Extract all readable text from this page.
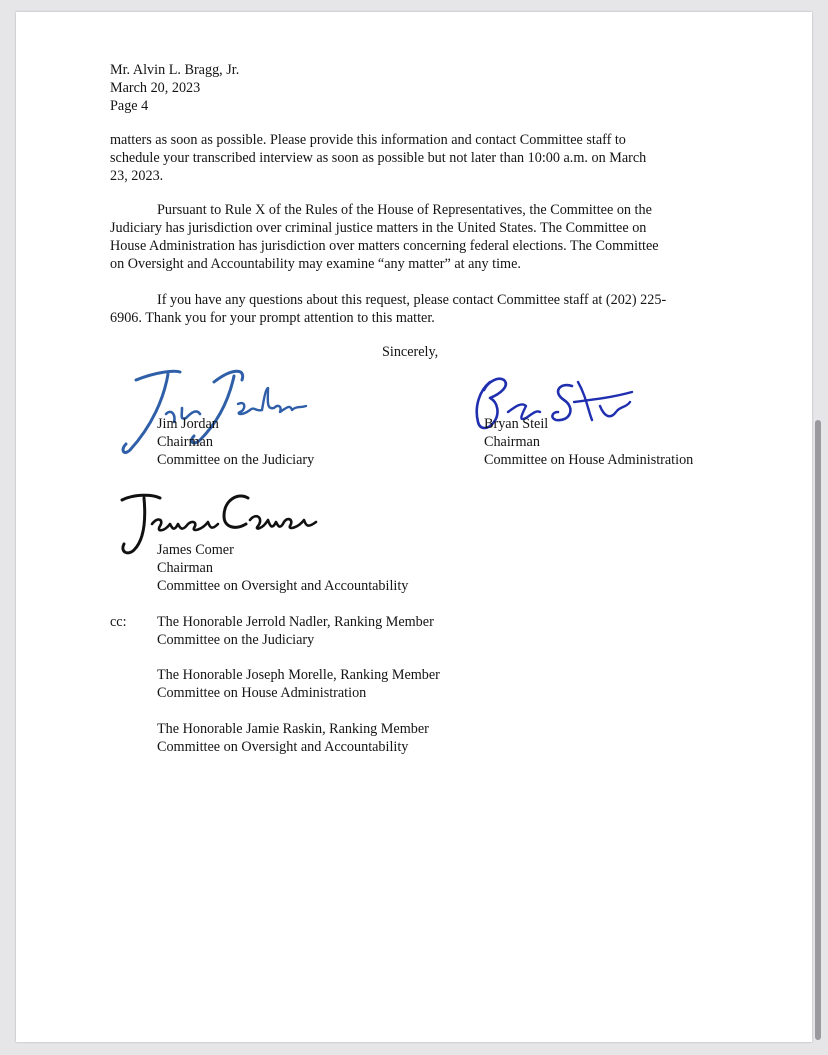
Mr. Alvin L. Bragg, Jr.
March 20, 2023
Page 4
matters as soon as possible. Please provide this information and contact Committee staff to
schedule your transcribed interview as soon as possible but not later than 10:00 a.m. on March
23, 2023.
Pursuant to Rule X of the Rules of the House of Representatives, the Committee on the
Judiciary has jurisdiction over criminal justice matters in the United States. The Committee on
House Administration has jurisdiction over matters concerning federal elections. The Committee
on Oversight and Accountability may examine “any matter” at any time.
If you have any questions about this request, please contact Committee staff at (202) 225-
6906. Thank you for your prompt attention to this matter.
Sincerely,
Jim Jordan
Chairman
Committee on the Judiciary
Bryan Steil
Chairman
Committee on House Administration
James Comer
Chairman
Committee on Oversight and Accountability
cc: The Honorable Jerrold Nadler, Ranking Member
Committee on the Judiciary
The Honorable Joseph Morelle, Ranking Member
Committee on House Administration
The Honorable Jamie Raskin, Ranking Member
Committee on Oversight and Accountability
